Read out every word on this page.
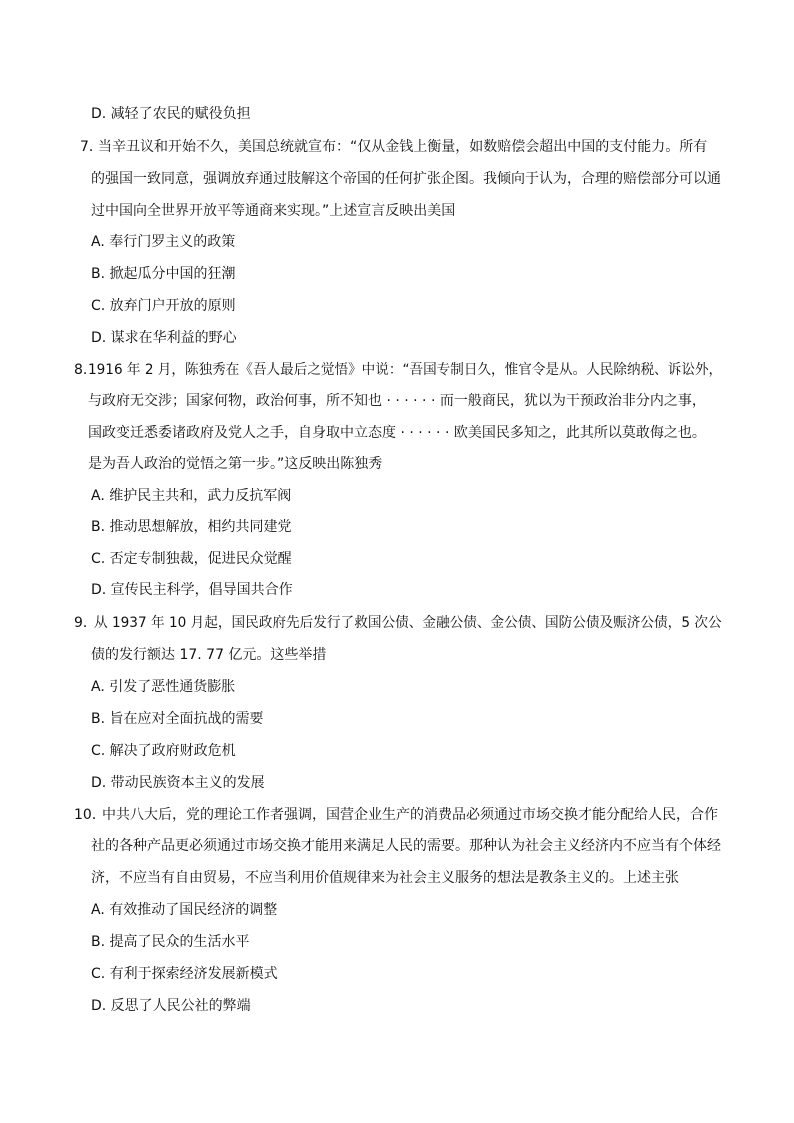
D. 减轻了农民的赋役负担
7．
当辛丑议和开始不久，美国总统就宣布：“仅从金钱上衡量，如数赔偿会超出中国的支付能力。所有
的强国一致同意，强调放弃通过肢解这个帝国的任何扩张企图。我倾向于认为，合理的赔偿部分可以通
过中国向全世界开放平等通商来实现。”上述宣言反映出美国
A. 奉行门罗主义的政策
B. 掀起瓜分中国的狂潮
C. 放弃门户开放的原则
D. 谋求在华利益的野心
8. 1916 年 2 月，陈独秀在《吾人最后之觉悟》中说：“吾国专制日久，惟官令是从。人民除纳税、诉讼外，
与政府无交涉；国家何物，政治何事，所不知也 · · · · · · 而一般商民，犹以为干预政治非分内之事，
国政变迁悉委诸政府及党人之手，自身取中立态度 · · · · · · 欧美国民多知之，此其所以莫敢侮之也。
是为吾人政治的觉悟之第一步。”这反映出陈独秀
A. 维护民主共和，武力反抗军阀
B. 推动思想解放，相约共同建党
C. 否定专制独裁，促进民众觉醒
D. 宣传民主科学，倡导国共合作
9．
从 1937 年 10 月起，国民政府先后发行了救国公债、金融公债、金公债、国防公债及赈济公债，5 次公
债的发行额达 17. 77 亿元。这些举措
A. 引发了恶性通货膨胀
B. 旨在应对全面抗战的需要
C. 解决了政府财政危机
D. 带动民族资本主义的发展
10．
中共八大后，党的理论工作者强调，国营企业生产的消费品必须通过市场交换才能分配给人民，合作
社的各种产品更必须通过市场交换才能用来满足人民的需要。那种认为社会主义经济内不应当有个体经
济，不应当有自由贸易，不应当利用价值规律来为社会主义服务的想法是教条主义的。上述主张
A. 有效推动了国民经济的调整
B. 提高了民众的生活水平
C. 有利于探索经济发展新模式
D. 反思了人民公社的弊端
